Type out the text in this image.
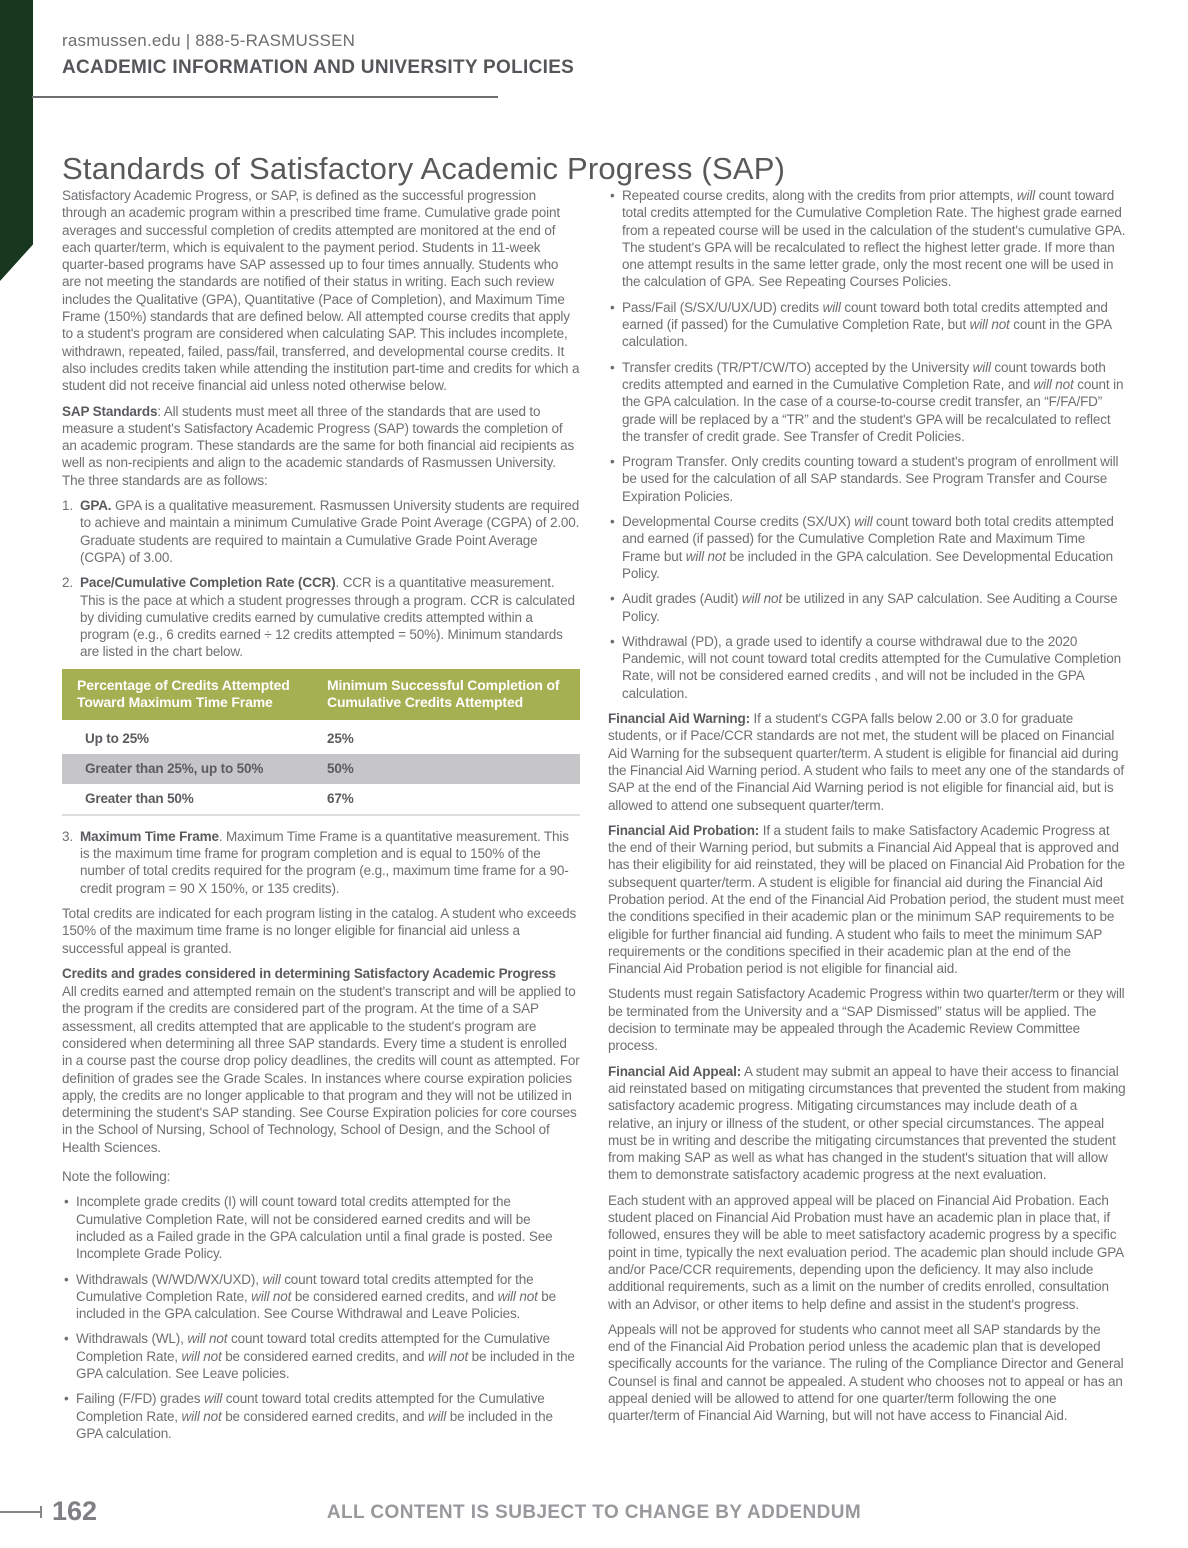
rasmussen.edu | 888-5-RASMUSSEN
ACADEMIC INFORMATION AND UNIVERSITY POLICIES
Standards of Satisfactory Academic Progress (SAP)
Satisfactory Academic Progress, or SAP, is defined as the successful progression through an academic program within a prescribed time frame. Cumulative grade point averages and successful completion of credits attempted are monitored at the end of each quarter/term, which is equivalent to the payment period. Students in 11-week quarter-based programs have SAP assessed up to four times annually. Students who are not meeting the standards are notified of their status in writing. Each such review includes the Qualitative (GPA), Quantitative (Pace of Completion), and Maximum Time Frame (150%) standards that are defined below. All attempted course credits that apply to a student's program are considered when calculating SAP. This includes incomplete, withdrawn, repeated, failed, pass/fail, transferred, and developmental course credits. It also includes credits taken while attending the institution part-time and credits for which a student did not receive financial aid unless noted otherwise below.
SAP Standards: All students must meet all three of the standards that are used to measure a student's Satisfactory Academic Progress (SAP) towards the completion of an academic program. These standards are the same for both financial aid recipients as well as non-recipients and align to the academic standards of Rasmussen University. The three standards are as follows:
1. GPA. GPA is a qualitative measurement. Rasmussen University students are required to achieve and maintain a minimum Cumulative Grade Point Average (CGPA) of 2.00. Graduate students are required to maintain a Cumulative Grade Point Average (CGPA) of 3.00.
2. Pace/Cumulative Completion Rate (CCR). CCR is a quantitative measurement. This is the pace at which a student progresses through a program. CCR is calculated by dividing cumulative credits earned by cumulative credits attempted within a program (e.g., 6 credits earned ÷ 12 credits attempted = 50%). Minimum standards are listed in the chart below.
Percentage of Credits Attempted Toward Maximum Time Frame
Minimum Successful Completion of Cumulative Credits Attempted
Up to 25%	25%
Greater than 25%, up to 50%	50%
Greater than 50%	67%
3. Maximum Time Frame. Maximum Time Frame is a quantitative measurement. This is the maximum time frame for program completion and is equal to 150% of the number of total credits required for the program (e.g., maximum time frame for a 90-credit program = 90 X 150%, or 135 credits).
Total credits are indicated for each program listing in the catalog. A student who exceeds 150% of the maximum time frame is no longer eligible for financial aid unless a successful appeal is granted.
Credits and grades considered in determining Satisfactory Academic Progress
All credits earned and attempted remain on the student's transcript and will be applied to the program if the credits are considered part of the program. At the time of a SAP assessment, all credits attempted that are applicable to the student's program are considered when determining all three SAP standards. Every time a student is enrolled in a course past the course drop policy deadlines, the credits will count as attempted. For definition of grades see the Grade Scales. In instances where course expiration policies apply, the credits are no longer applicable to that program and they will not be utilized in determining the student's SAP standing. See Course Expiration policies for core courses in the School of Nursing, School of Technology, School of Design, and the School of Health Sciences.
Note the following:
• Incomplete grade credits (I) will count toward total credits attempted for the Cumulative Completion Rate, will not be considered earned credits and will be included as a Failed grade in the GPA calculation until a final grade is posted. See Incomplete Grade Policy.
• Withdrawals (W/WD/WX/UXD), will count toward total credits attempted for the Cumulative Completion Rate, will not be considered earned credits, and will not be included in the GPA calculation. See Course Withdrawal and Leave Policies.
• Withdrawals (WL), will not count toward total credits attempted for the Cumulative Completion Rate, will not be considered earned credits, and will not be included in the GPA calculation. See Leave policies.
• Failing (F/FD) grades will count toward total credits attempted for the Cumulative Completion Rate, will not be considered earned credits, and will be included in the GPA calculation.
• Repeated course credits, along with the credits from prior attempts, will count toward total credits attempted for the Cumulative Completion Rate. The highest grade earned from a repeated course will be used in the calculation of the student's cumulative GPA. The student's GPA will be recalculated to reflect the highest letter grade. If more than one attempt results in the same letter grade, only the most recent one will be used in the calculation of GPA. See Repeating Courses Policies.
• Pass/Fail (S/SX/U/UX/UD) credits will count toward both total credits attempted and earned (if passed) for the Cumulative Completion Rate, but will not count in the GPA calculation.
• Transfer credits (TR/PT/CW/TO) accepted by the University will count towards both credits attempted and earned in the Cumulative Completion Rate, and will not count in the GPA calculation. In the case of a course-to-course credit transfer, an “F/FA/FD” grade will be replaced by a “TR” and the student's GPA will be recalculated to reflect the transfer of credit grade. See Transfer of Credit Policies.
• Program Transfer. Only credits counting toward a student's program of enrollment will be used for the calculation of all SAP standards. See Program Transfer and Course Expiration Policies.
• Developmental Course credits (SX/UX) will count toward both total credits attempted and earned (if passed) for the Cumulative Completion Rate and Maximum Time Frame but will not be included in the GPA calculation. See Developmental Education Policy.
• Audit grades (Audit) will not be utilized in any SAP calculation. See Auditing a Course Policy.
• Withdrawal (PD), a grade used to identify a course withdrawal due to the 2020 Pandemic, will not count toward total credits attempted for the Cumulative Completion Rate, will not be considered earned credits , and will not be included in the GPA calculation.
Financial Aid Warning: If a student's CGPA falls below 2.00 or 3.0 for graduate students, or if Pace/CCR standards are not met, the student will be placed on Financial Aid Warning for the subsequent quarter/term. A student is eligible for financial aid during the Financial Aid Warning period. A student who fails to meet any one of the standards of SAP at the end of the Financial Aid Warning period is not eligible for financial aid, but is allowed to attend one subsequent quarter/term.
Financial Aid Probation: If a student fails to make Satisfactory Academic Progress at the end of their Warning period, but submits a Financial Aid Appeal that is approved and has their eligibility for aid reinstated, they will be placed on Financial Aid Probation for the subsequent quarter/term. A student is eligible for financial aid during the Financial Aid Probation period. At the end of the Financial Aid Probation period, the student must meet the conditions specified in their academic plan or the minimum SAP requirements to be eligible for further financial aid funding. A student who fails to meet the minimum SAP requirements or the conditions specified in their academic plan at the end of the Financial Aid Probation period is not eligible for financial aid.
Students must regain Satisfactory Academic Progress within two quarter/term or they will be terminated from the University and a “SAP Dismissed” status will be applied. The decision to terminate may be appealed through the Academic Review Committee process.
Financial Aid Appeal: A student may submit an appeal to have their access to financial aid reinstated based on mitigating circumstances that prevented the student from making satisfactory academic progress. Mitigating circumstances may include death of a relative, an injury or illness of the student, or other special circumstances. The appeal must be in writing and describe the mitigating circumstances that prevented the student from making SAP as well as what has changed in the student's situation that will allow them to demonstrate satisfactory academic progress at the next evaluation.
Each student with an approved appeal will be placed on Financial Aid Probation. Each student placed on Financial Aid Probation must have an academic plan in place that, if followed, ensures they will be able to meet satisfactory academic progress by a specific point in time, typically the next evaluation period. The academic plan should include GPA and/or Pace/CCR requirements, depending upon the deficiency. It may also include additional requirements, such as a limit on the number of credits enrolled, consultation with an Advisor, or other items to help define and assist in the student's progress.
Appeals will not be approved for students who cannot meet all SAP standards by the end of the Financial Aid Probation period unless the academic plan that is developed specifically accounts for the variance. The ruling of the Compliance Director and General Counsel is final and cannot be appealed. A student who chooses not to appeal or has an appeal denied will be allowed to attend for one quarter/term following the one quarter/term of Financial Aid Warning, but will not have access to Financial Aid.
162	ALL CONTENT IS SUBJECT TO CHANGE BY ADDENDUM
